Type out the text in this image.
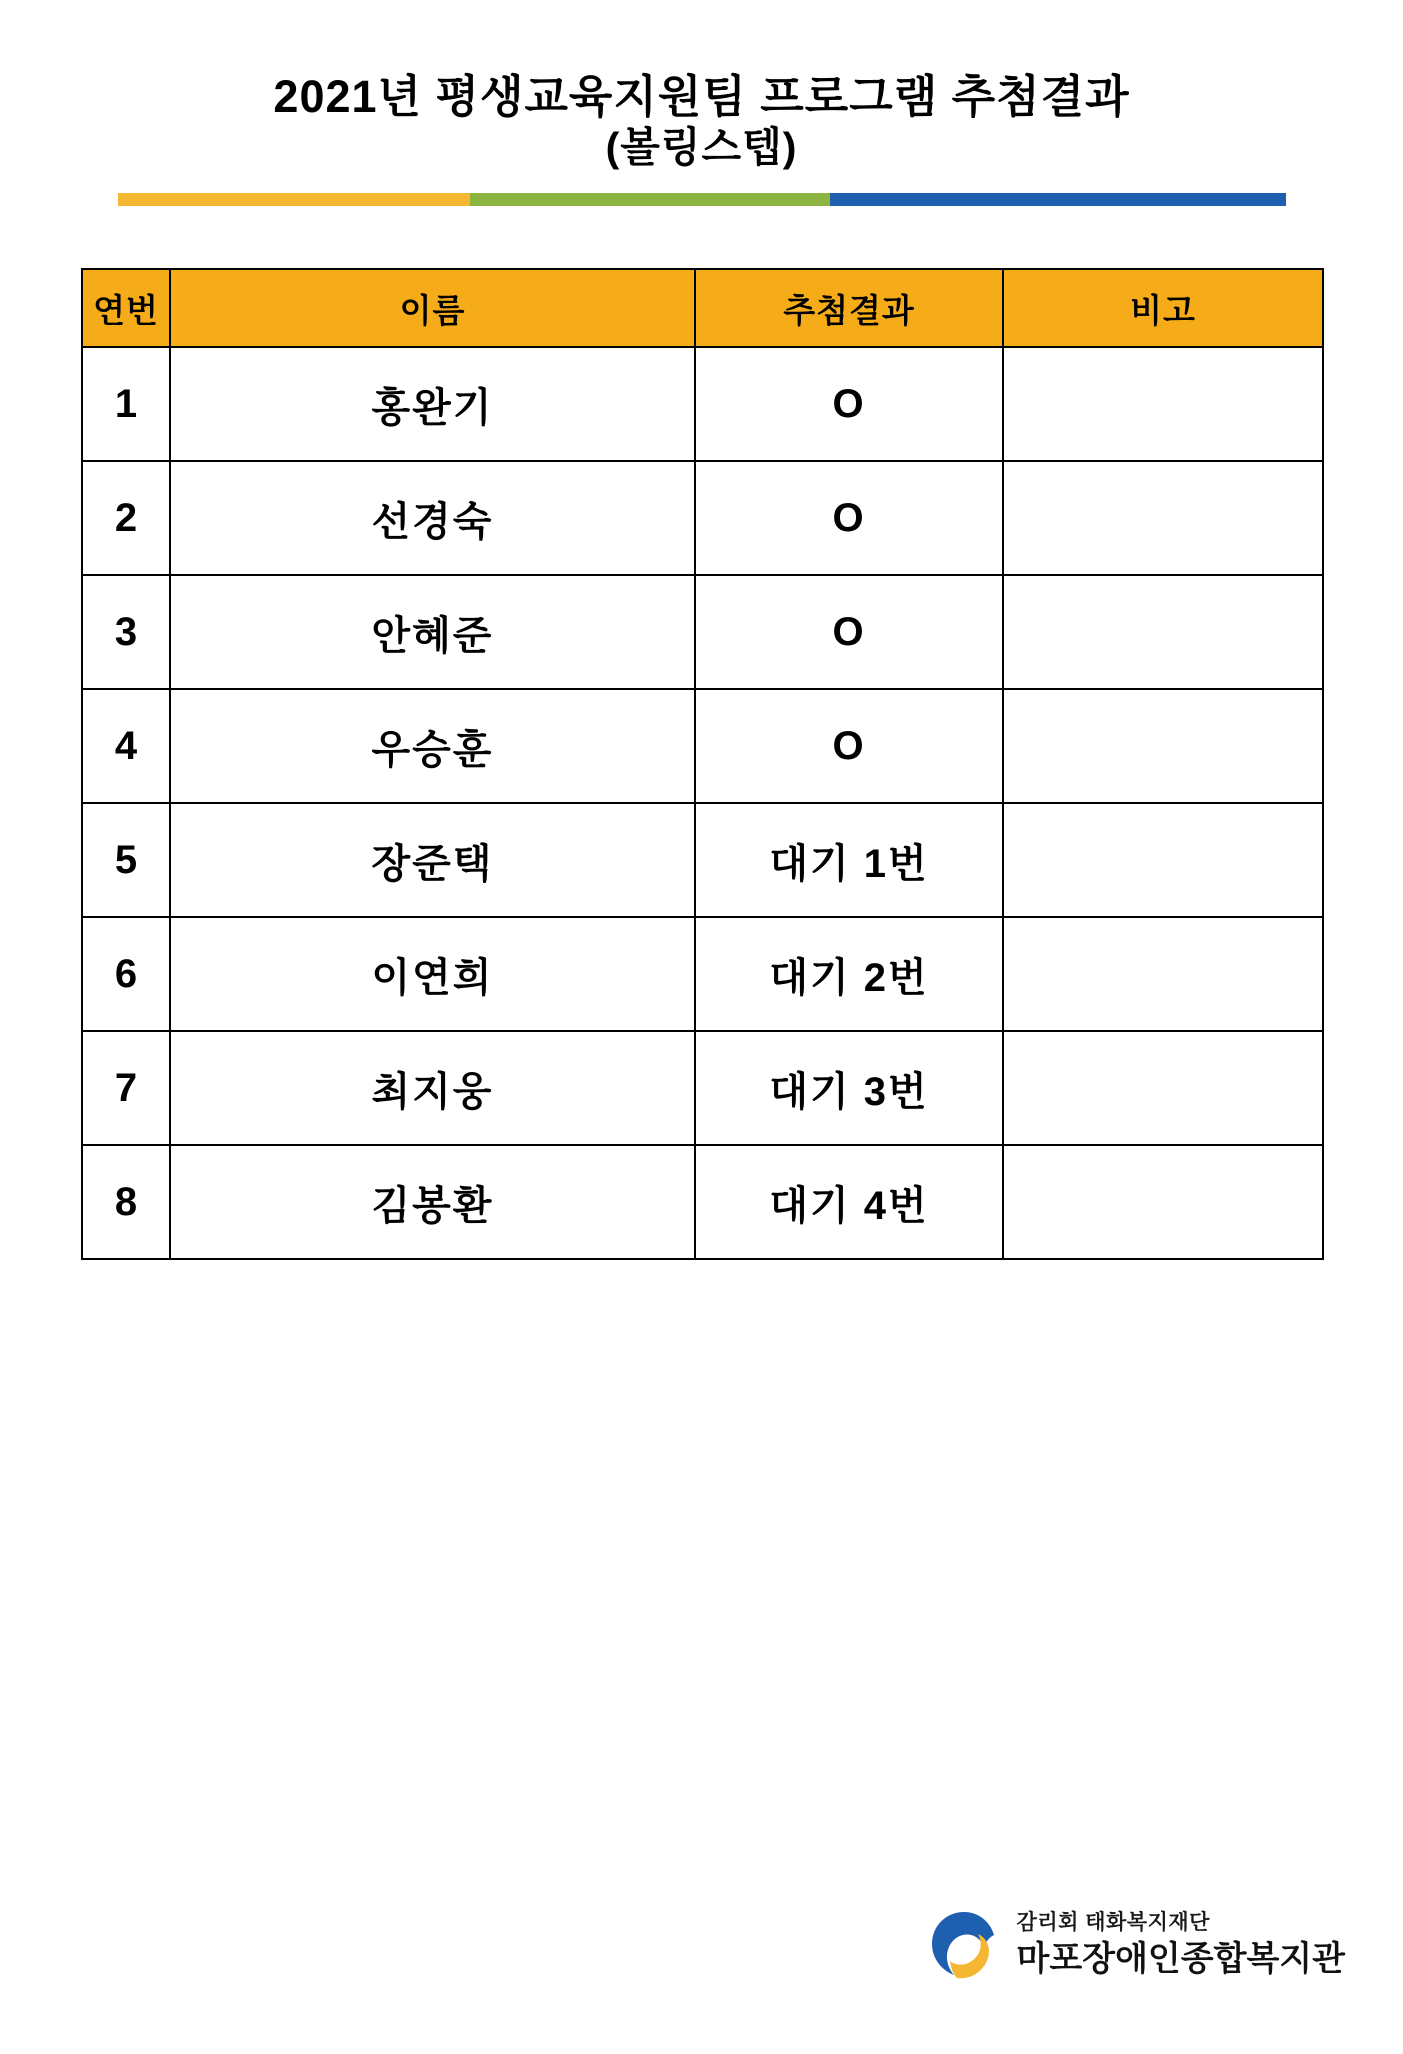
2021년 평생교육지원팀 프로그램 추첨결과
(볼링스텝)
연번	이름	추첨결과	비고
1	홍완기	O	
2	선경숙	O	
3	안혜준	O	
4	우승훈	O	
5	장준택	대기 1번	
6	이연희	대기 2번	
7	최지웅	대기 3번	
8	김봉환	대기 4번	
감리회 태화복지재단
마포장애인종합복지관
